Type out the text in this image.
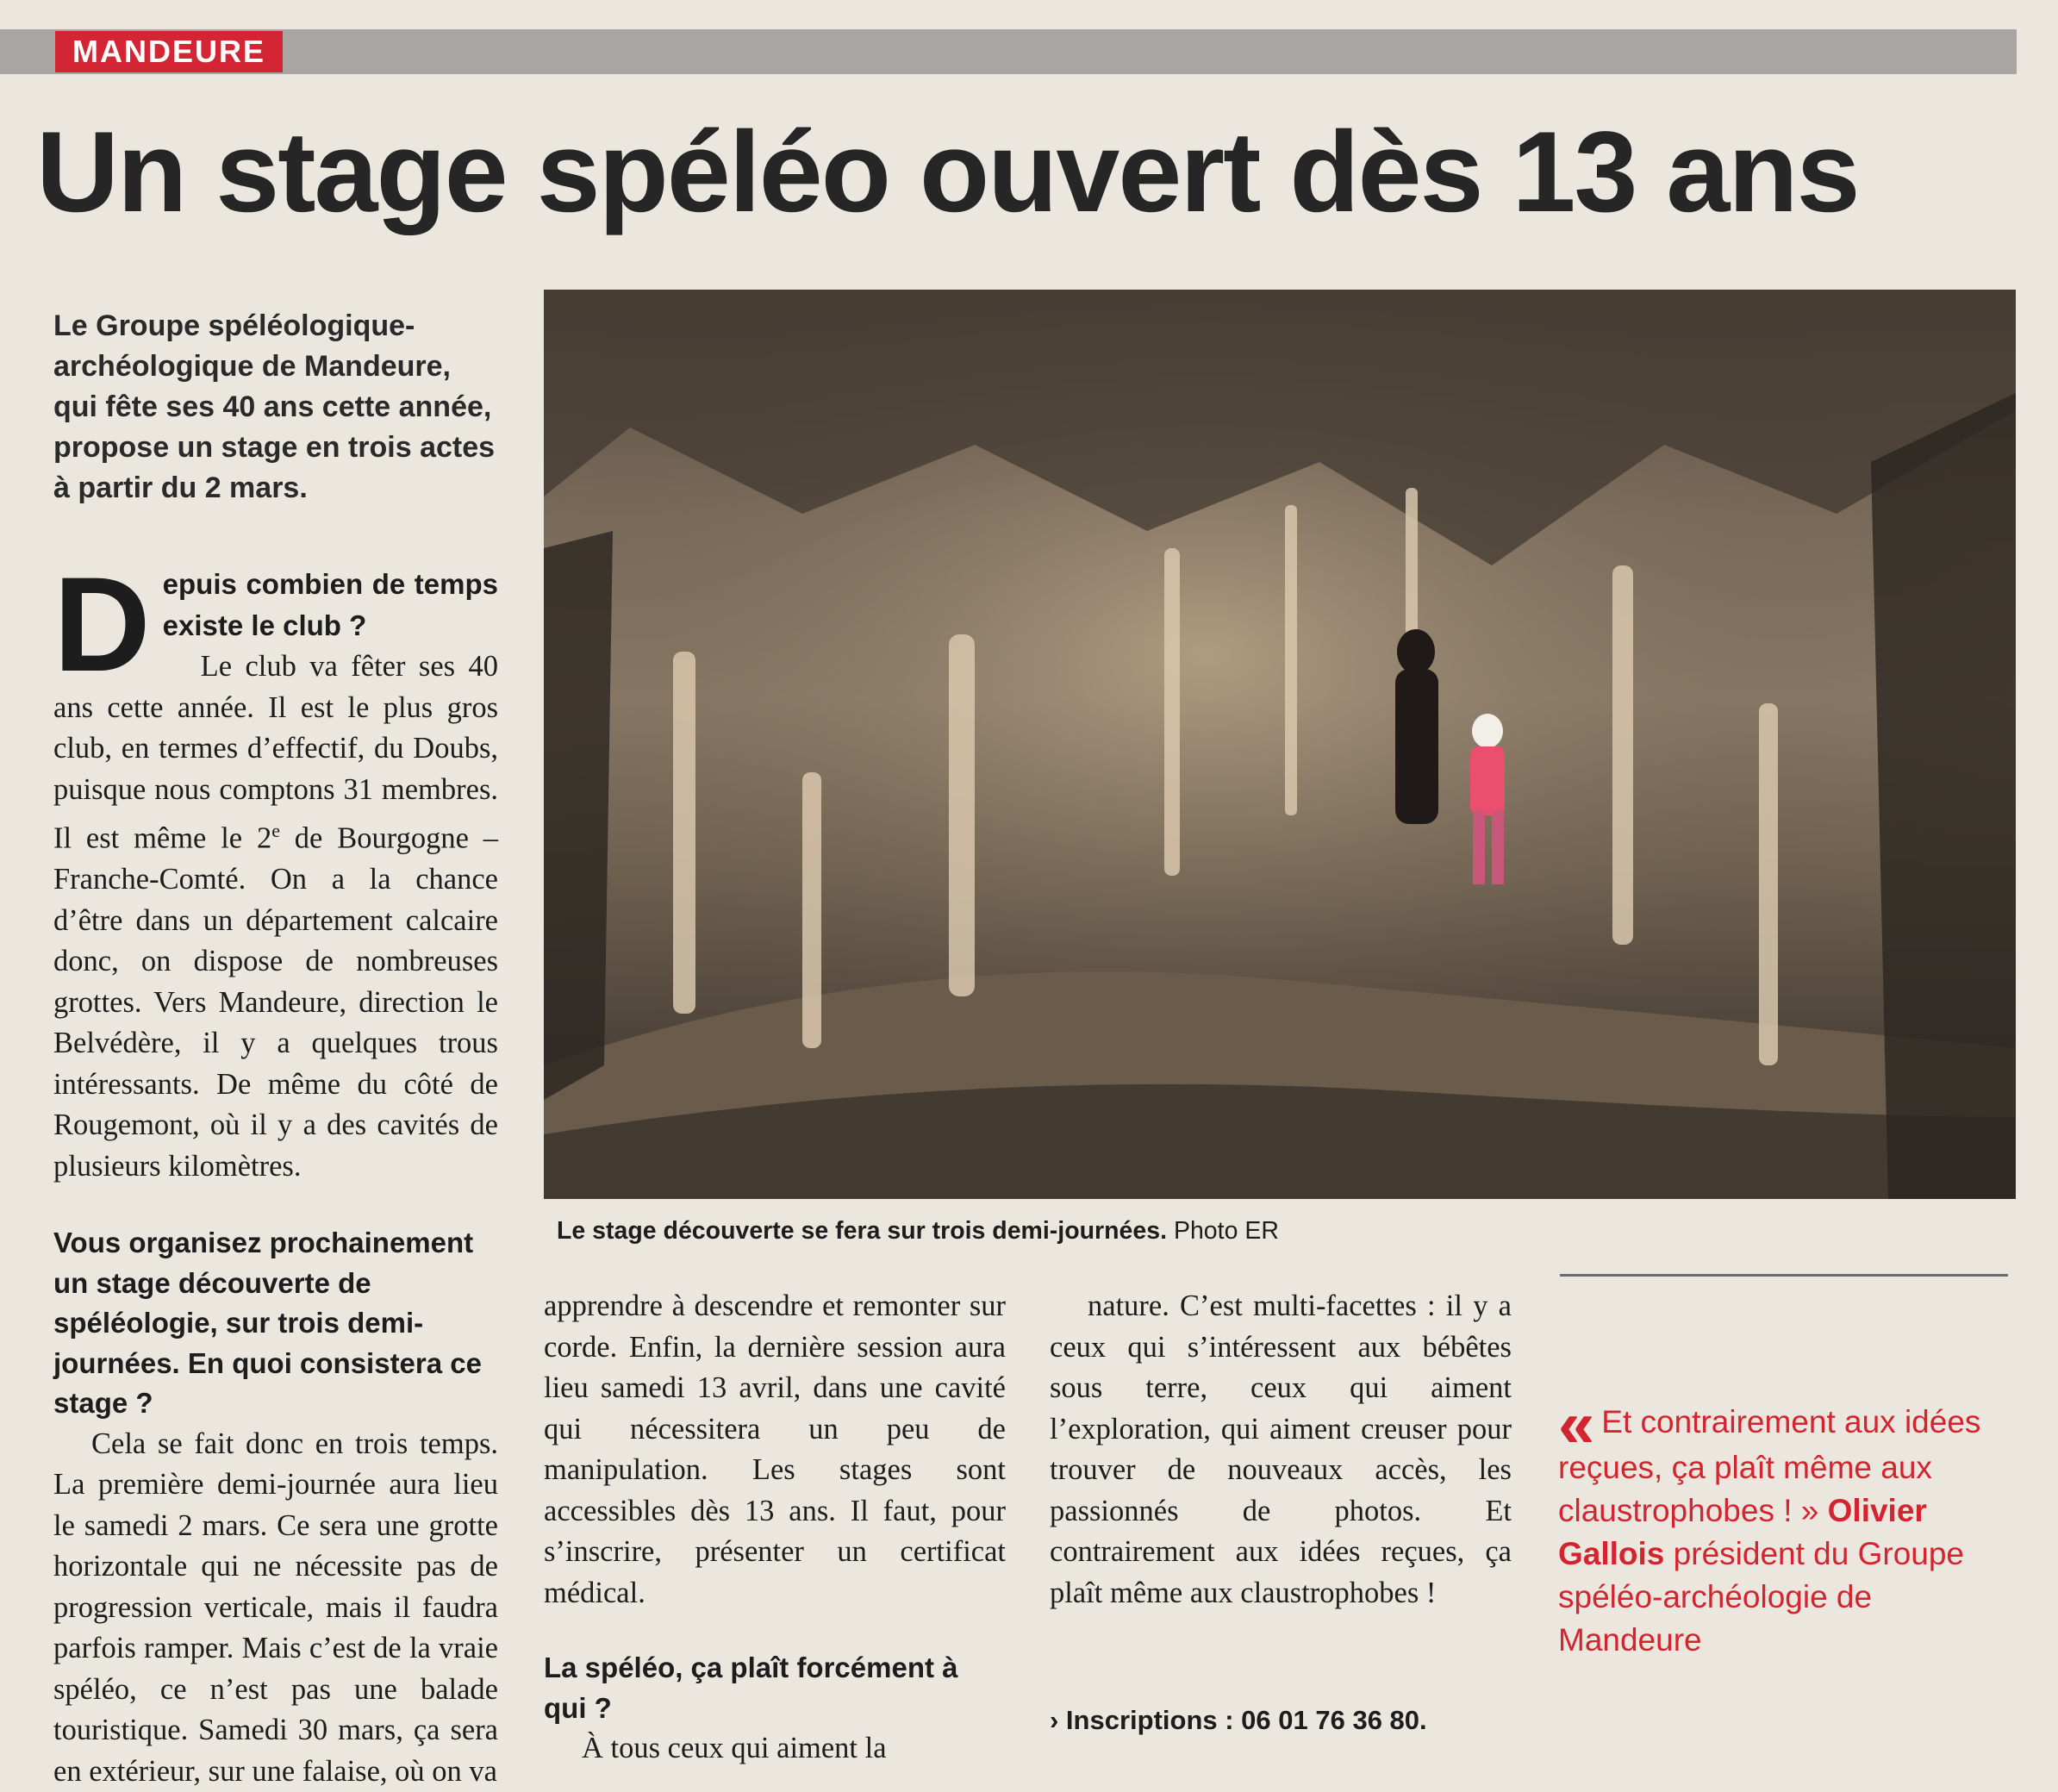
MANDEURE
Un stage spéléo ouvert dès 13 ans
Le Groupe spéléologique-archéologique de Mandeure, qui fête ses 40 ans cette année, propose un stage en trois actes à partir du 2 mars.

D epuis combien de temps existe le club ?

Le club va fêter ses 40 ans cette année. Il est le plus gros club, en termes d’effectif, du Doubs, puisque nous comptons 31 membres. Il est même le 2e de Bourgogne – Franche-Comté. On a la chance d’être dans un département calcaire donc, on dispose de nombreuses grottes. Vers Mandeure, direction le Belvédère, il y a quelques trous intéressants. De même du côté de Rougemont, où il y a des cavités de plusieurs kilomètres.

Vous organisez prochainement un stage découverte de spéléologie, sur trois demi-journées. En quoi consistera ce stage ?

Cela se fait donc en trois temps. La première demi-journée aura lieu le samedi 2 mars. Ce sera une grotte horizontale qui ne nécessite pas de progression verticale, mais il faudra parfois ramper. Mais c’est de la vraie spéléo, ce n’est pas une balade touristique. Samedi 30 mars, ça sera en extérieur, sur une falaise, où on va

apprendre à descendre et remonter sur corde. Enfin, la dernière session aura lieu samedi 13 avril, dans une cavité qui nécessitera un peu de manipulation. Les stages sont accessibles dès 13 ans. Il faut, pour s’inscrire, présenter un certificat médical.

La spéléo, ça plaît forcément à qui ?

À tous ceux qui aiment la

nature. C’est multi-facettes : il y a ceux qui s’intéressent aux bébêtes sous terre, ceux qui aiment l’exploration, qui aiment creuser pour trouver de nouveaux accès, les passionnés de photos. Et contrairement aux idées reçues, ça plaît même aux claustrophobes !

› Inscriptions : 06 01 76 36 80.
Le stage découverte se fera sur trois demi-journées. Photo ER
« Et contrairement aux idées reçues, ça plaît même aux claustrophobes ! » Olivier Gallois président du Groupe spéléo-archéologie de Mandeure
